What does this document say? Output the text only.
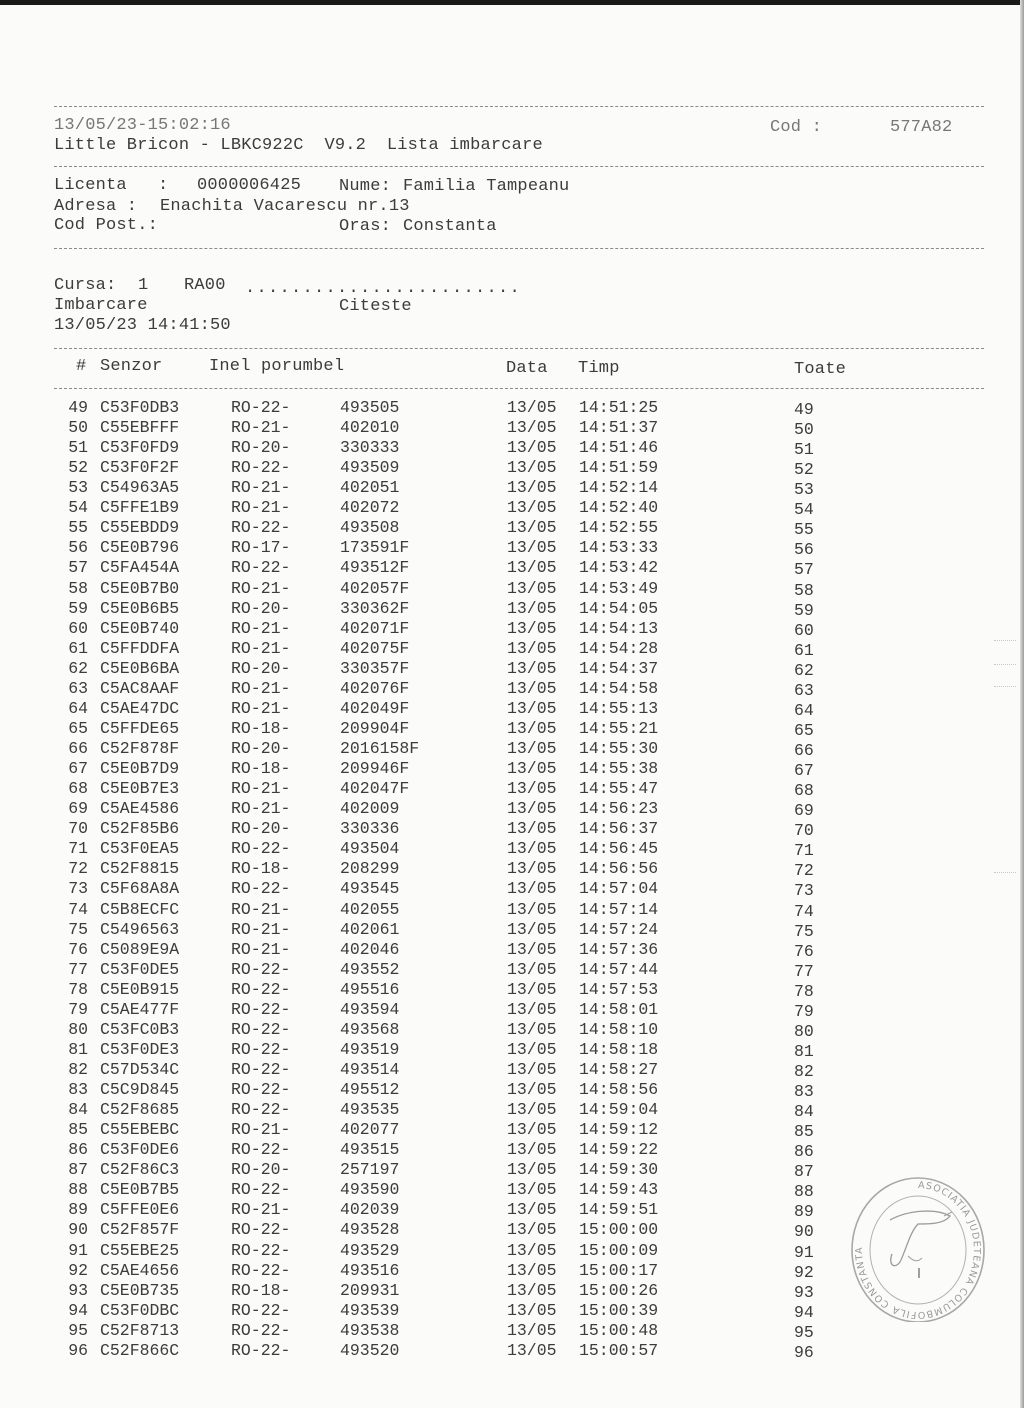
13/05/23-15:02:16
Little Bricon - LBKC922C  V9.2  Lista imbarcare
Cod :	577A82
Licenta   : 0000006425 Nume: Familia Tampeanu
Adresa : Enachita Vacarescu nr.13
Cod Post.:	Oras: Constanta
Cursa: 1 RA00 ........................
Imbarcare	Citeste
13/05/23 14:41:50
# Senzor	Inel porumbel	Data Timp	Toate
49 C53F0DB3	RO-22-	493505	13/05 14:51:25	49
50 C55EBFFF	RO-21-	402010	13/05 14:51:37	50
51 C53F0FD9	RO-20-	330333	13/05 14:51:46	51
52 C53F0F2F	RO-22-	493509	13/05 14:51:59	52
53 C54963A5	RO-21-	402051	13/05 14:52:14	53
54 C5FFE1B9	RO-21-	402072	13/05 14:52:40	54
55 C55EBDD9	RO-22-	493508	13/05 14:52:55	55
56 C5E0B796	RO-17-	173591F	13/05 14:53:33	56
57 C5FA454A	RO-22-	493512F	13/05 14:53:42	57
58 C5E0B7B0	RO-21-	402057F	13/05 14:53:49	58
59 C5E0B6B5	RO-20-	330362F	13/05 14:54:05	59
60 C5E0B740	RO-21-	402071F	13/05 14:54:13	60
61 C5FFDDFA	RO-21-	402075F	13/05 14:54:28	61
62 C5E0B6BA	RO-20-	330357F	13/05 14:54:37	62
63 C5AC8AAF	RO-21-	402076F	13/05 14:54:58	63
64 C5AE47DC	RO-21-	402049F	13/05 14:55:13	64
65 C5FFDE65	RO-18-	209904F	13/05 14:55:21	65
66 C52F878F	RO-20-	2016158F	13/05 14:55:30	66
67 C5E0B7D9	RO-18-	209946F	13/05 14:55:38	67
68 C5E0B7E3	RO-21-	402047F	13/05 14:55:47	68
69 C5AE4586	RO-21-	402009	13/05 14:56:23	69
70 C52F85B6	RO-20-	330336	13/05 14:56:37	70
71 C53F0EA5	RO-22-	493504	13/05 14:56:45	71
72 C52F8815	RO-18-	208299	13/05 14:56:56	72
73 C5F68A8A	RO-22-	493545	13/05 14:57:04	73
74 C5B8ECFC	RO-21-	402055	13/05 14:57:14	74
75 C5496563	RO-21-	402061	13/05 14:57:24	75
76 C5089E9A	RO-21-	402046	13/05 14:57:36	76
77 C53F0DE5	RO-22-	493552	13/05 14:57:44	77
78 C5E0B915	RO-22-	495516	13/05 14:57:53	78
79 C5AE477F	RO-22-	493594	13/05 14:58:01	79
80 C53FC0B3	RO-22-	493568	13/05 14:58:10	80
81 C53F0DE3	RO-22-	493519	13/05 14:58:18	81
82 C57D534C	RO-22-	493514	13/05 14:58:27	82
83 C5C9D845	RO-22-	495512	13/05 14:58:56	83
84 C52F8685	RO-22-	493535	13/05 14:59:04	84
85 C55EBEBC	RO-21-	402077	13/05 14:59:12	85
86 C53F0DE6	RO-22-	493515	13/05 14:59:22	86
87 C52F86C3	RO-20-	257197	13/05 14:59:30	87
88 C5E0B7B5	RO-22-	493590	13/05 14:59:43	88
89 C5FFE0E6	RO-21-	402039	13/05 14:59:51	89
90 C52F857F	RO-22-	493528	13/05 15:00:00	90
91 C55EBE25	RO-22-	493529	13/05 15:00:09	91
92 C5AE4656	RO-22-	493516	13/05 15:00:17	92
93 C5E0B735	RO-18-	209931	13/05 15:00:26	93
94 C53F0DBC	RO-22-	493539	13/05 15:00:39	94
95 C52F8713	RO-22-	493538	13/05 15:00:48	95
96 C52F866C	RO-22-	493520	13/05 15:00:57	96
ASOCIATIA JUDETEANA COLUMBOFILA CONSTANTA
